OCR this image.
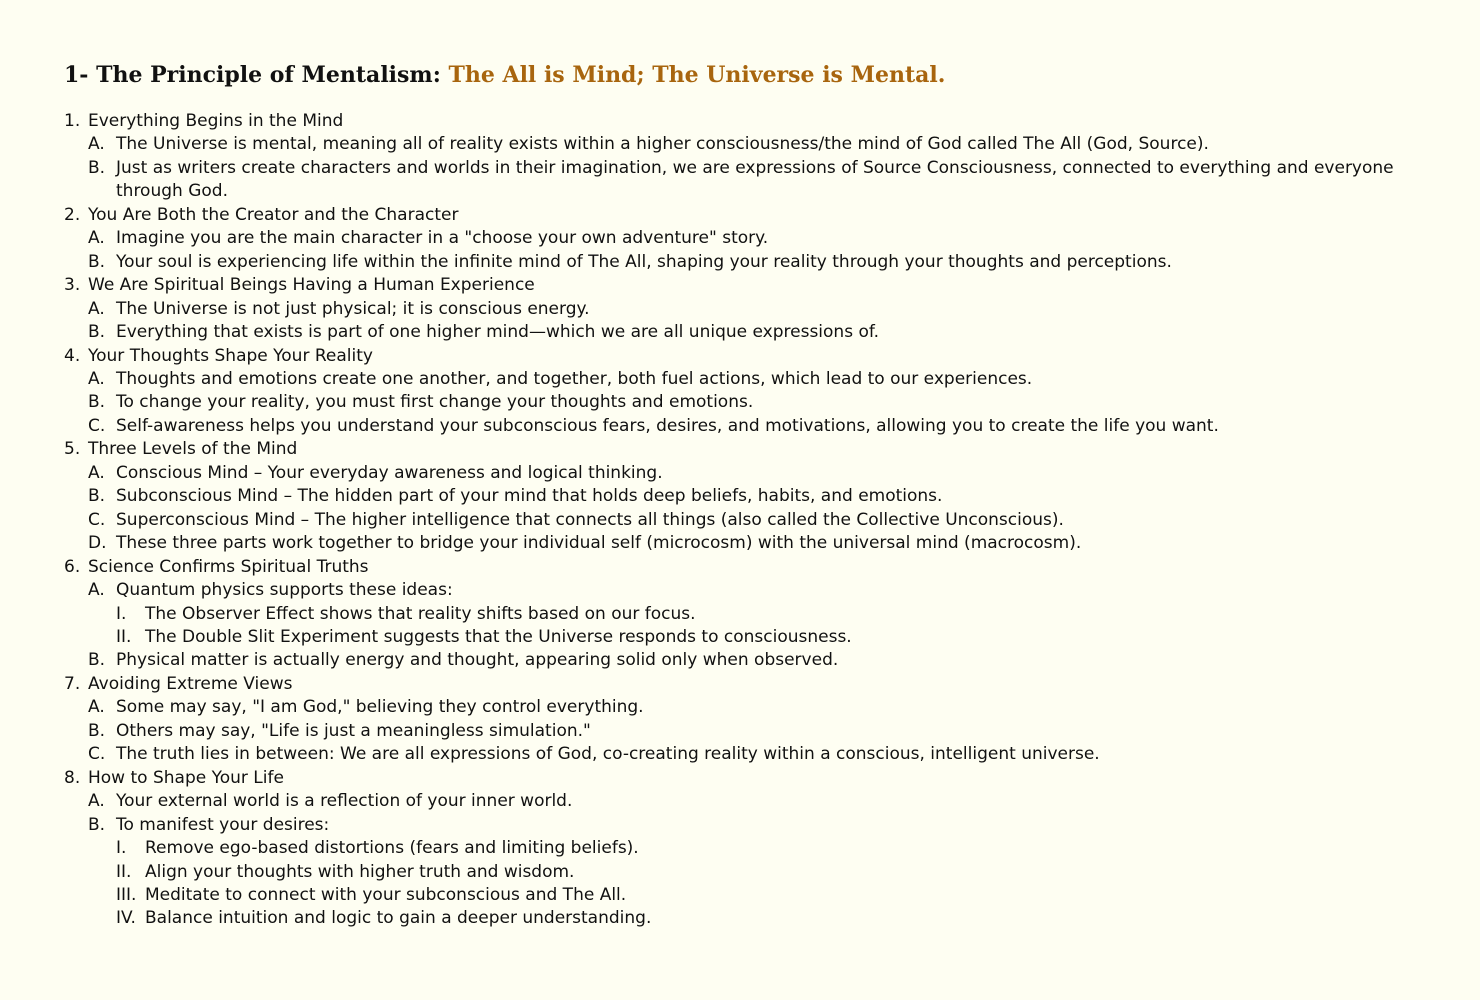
1- The Principle of Mentalism: The All is Mind; The Universe is Mental.
1. Everything Begins in the Mind
A. The Universe is mental, meaning all of reality exists within a higher consciousness/the mind of God called The All (God, Source).
B. Just as writers create characters and worlds in their imagination, we are expressions of Source Consciousness, connected to everything and everyone through God.
2. You Are Both the Creator and the Character
A. Imagine you are the main character in a "choose your own adventure" story.
B. Your soul is experiencing life within the infinite mind of The All, shaping your reality through your thoughts and perceptions.
3. We Are Spiritual Beings Having a Human Experience
A. The Universe is not just physical; it is conscious energy.
B. Everything that exists is part of one higher mind—which we are all unique expressions of.
4. Your Thoughts Shape Your Reality
A. Thoughts and emotions create one another, and together, both fuel actions, which lead to our experiences.
B. To change your reality, you must first change your thoughts and emotions.
C. Self-awareness helps you understand your subconscious fears, desires, and motivations, allowing you to create the life you want.
5. Three Levels of the Mind
A. Conscious Mind – Your everyday awareness and logical thinking.
B. Subconscious Mind – The hidden part of your mind that holds deep beliefs, habits, and emotions.
C. Superconscious Mind – The higher intelligence that connects all things (also called the Collective Unconscious).
D. These three parts work together to bridge your individual self (microcosm) with the universal mind (macrocosm).
6. Science Confirms Spiritual Truths
A. Quantum physics supports these ideas:
I.	The Observer Effect shows that reality shifts based on our focus.
II. The Double Slit Experiment suggests that the Universe responds to consciousness.
B. Physical matter is actually energy and thought, appearing solid only when observed.
7. Avoiding Extreme Views
A. Some may say, "I am God," believing they control everything.
B. Others may say, "Life is just a meaningless simulation."
C. The truth lies in between: We are all expressions of God, co-creating reality within a conscious, intelligent universe.
8. How to Shape Your Life
A. Your external world is a reflection of your inner world.
B. To manifest your desires:
I.	Remove ego-based distortions (fears and limiting beliefs).
II. Align your thoughts with higher truth and wisdom.
III. Meditate to connect with your subconscious and The All.
IV. Balance intuition and logic to gain a deeper understanding.
